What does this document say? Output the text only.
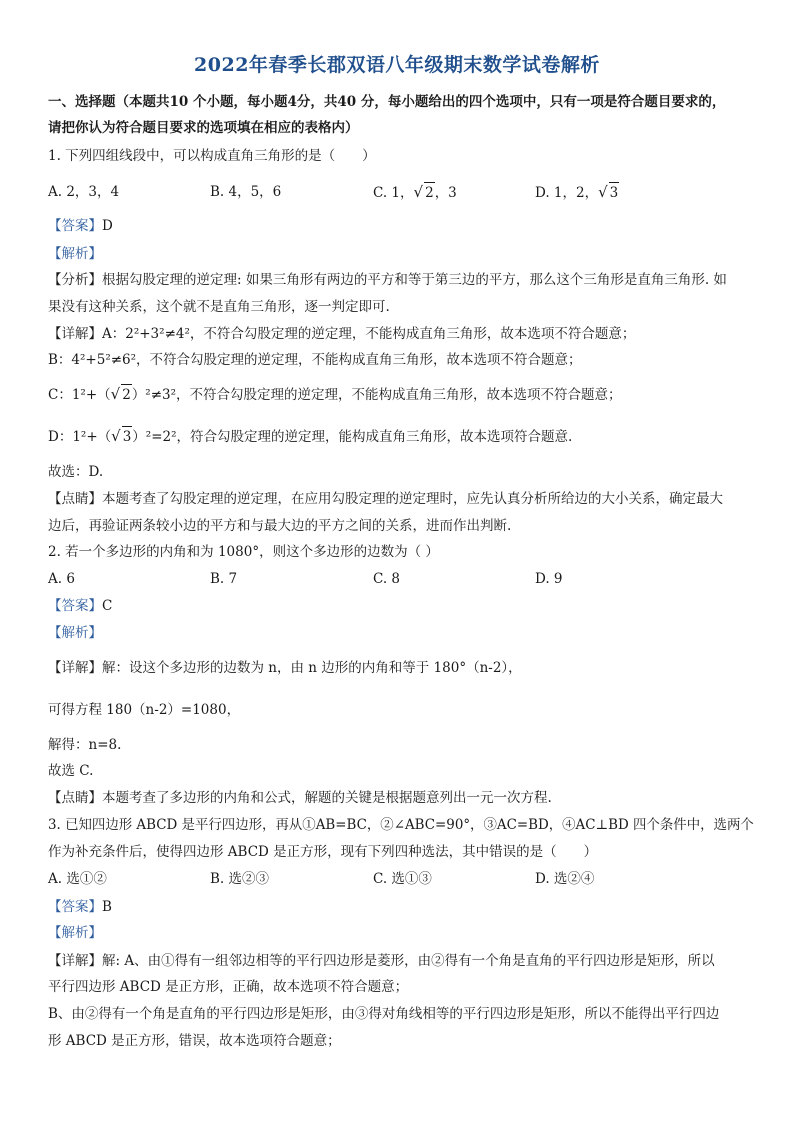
2022年春季长郡双语八年级期末数学试卷解析
一、选择题（本题共10 个小题，每小题4分，共40 分，每小题给出的四个选项中，只有一项是符合题目要求的，
请把你认为符合题目要求的选项填在相应的表格内）
1. 下列四组线段中，可以构成直角三角形的是（　　）
A. 2，3，4	B. 4，5，6	C. 1，√ 2，3	D. 1，2，√ 3
【答案】D
【解析】
【分析】根据勾股定理的逆定理: 如果三角形有两边的平方和等于第三边的平方，那么这个三角形是直角三角形. 如
果没有这种关系，这个就不是直角三角形，逐一判定即可.
【详解】A：2²+3²≠4²，不符合勾股定理的逆定理，不能构成直角三角形，故本选项不符合题意；
B：4²+5²≠6²，不符合勾股定理的逆定理，不能构成直角三角形，故本选项不符合题意；
C：1²+（√ 2）²≠3²，不符合勾股定理的逆定理，不能构成直角三角形，故本选项不符合题意；
D：1²+（√ 3）²=2²，符合勾股定理的逆定理，能构成直角三角形，故本选项符合题意.
故选：D.
【点睛】本题考查了勾股定理的逆定理，在应用勾股定理的逆定理时，应先认真分析所给边的大小关系，确定最大
边后，再验证两条较小边的平方和与最大边的平方之间的关系，进而作出判断.
2. 若一个多边形的内角和为 1080°，则这个多边形的边数为（ ）
A. 6	B. 7	C. 8	D. 9
【答案】C
【解析】
【详解】解：设这个多边形的边数为 n，由 n 边形的内角和等于 180°（n-2），
可得方程 180（n-2）=1080，
解得：n=8.
故选 C.
【点睛】本题考查了多边形的内角和公式，解题的关键是根据题意列出一元一次方程.
3. 已知四边形 ABCD 是平行四边形，再从①AB=BC，②∠ABC=90°，③AC=BD，④AC⊥BD 四个条件中，选两个
作为补充条件后，使得四边形 ABCD 是正方形，现有下列四种选法，其中错误的是（　　）
A. 选①②	B. 选②③	C. 选①③	D. 选②④
【答案】B
【解析】
【详解】解: A、由①得有一组邻边相等的平行四边形是菱形，由②得有一个角是直角的平行四边形是矩形，所以
平行四边形 ABCD 是正方形，正确，故本选项不符合题意；
B、由②得有一个角是直角的平行四边形是矩形，由③得对角线相等的平行四边形是矩形，所以不能得出平行四边
形 ABCD 是正方形，错误，故本选项符合题意；
